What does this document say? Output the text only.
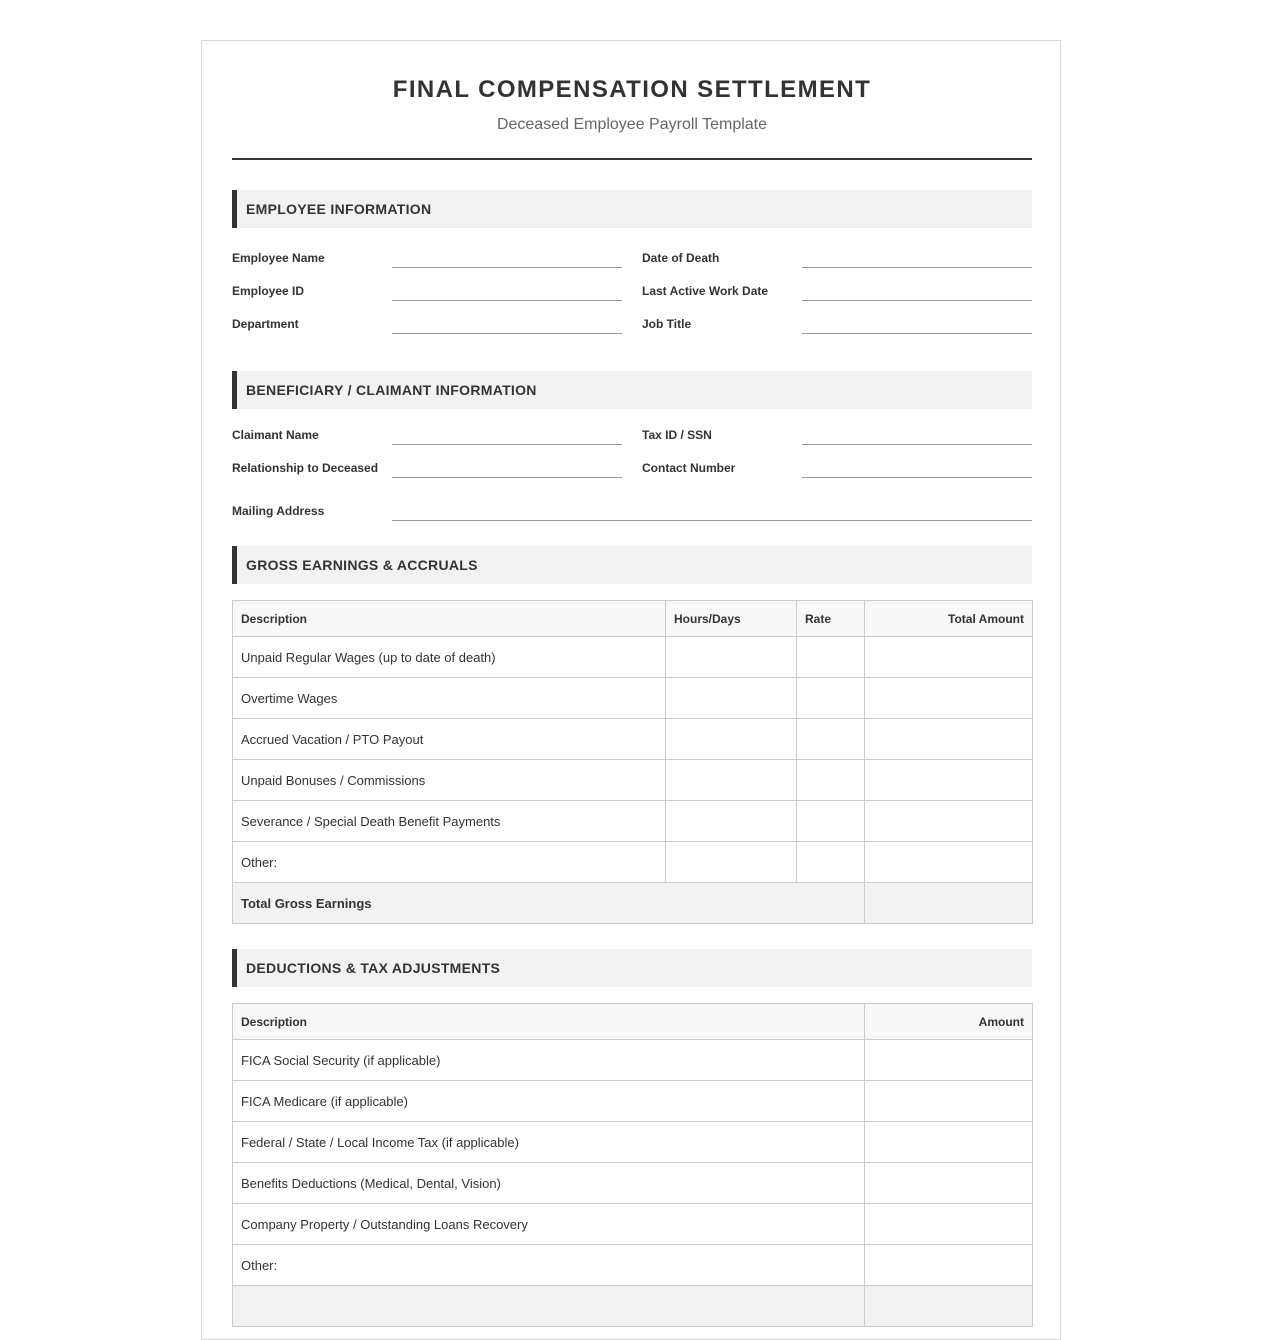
FINAL COMPENSATION SETTLEMENT
Deceased Employee Payroll Template
EMPLOYEE INFORMATION
Employee Name	Date of Death
Employee ID	Last Active Work Date
Department	Job Title
BENEFICIARY / CLAIMANT INFORMATION
Claimant Name	Tax ID / SSN
Relationship to Deceased	Contact Number
Mailing Address
GROSS EARNINGS & ACCRUALS
Description	Hours/Days	Rate	Total Amount
Unpaid Regular Wages (up to date of death)			
Overtime Wages			
Accrued Vacation / PTO Payout			
Unpaid Bonuses / Commissions			
Severance / Special Death Benefit Payments			
Other:			
Total Gross Earnings			
DEDUCTIONS & TAX ADJUSTMENTS
Description	Amount
FICA Social Security (if applicable)	
FICA Medicare (if applicable)	
Federal / State / Local Income Tax (if applicable)	
Benefits Deductions (Medical, Dental, Vision)	
Company Property / Outstanding Loans Recovery	
Other:	
